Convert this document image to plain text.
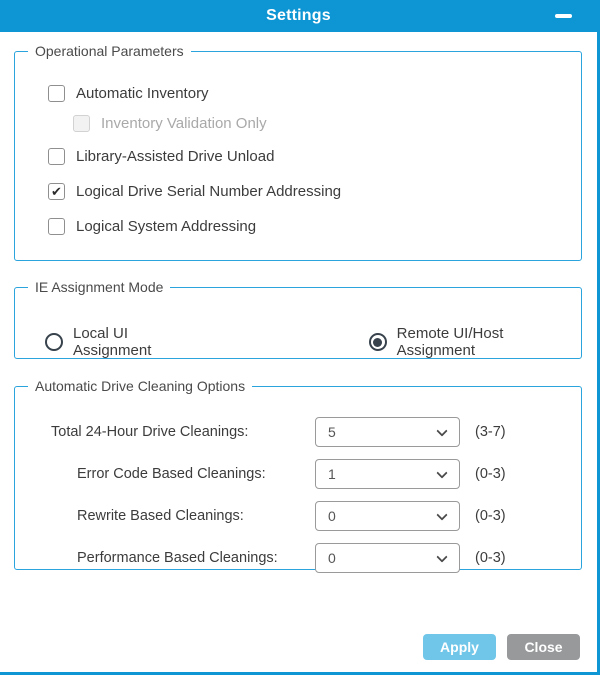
Settings
Operational Parameters
Automatic Inventory
Inventory Validation Only
Library-Assisted Drive Unload
✔ Logical Drive Serial Number Addressing
Logical System Addressing
IE Assignment Mode
Local UI Assignment
Remote UI/Host Assignment
Automatic Drive Cleaning Options
Total 24-Hour Drive Cleanings:	5	(3-7)
Error Code Based Cleanings:	1	(0-3)
Rewrite Based Cleanings:	0	(0-3)
Performance Based Cleanings:	0	(0-3)
Apply	Close
